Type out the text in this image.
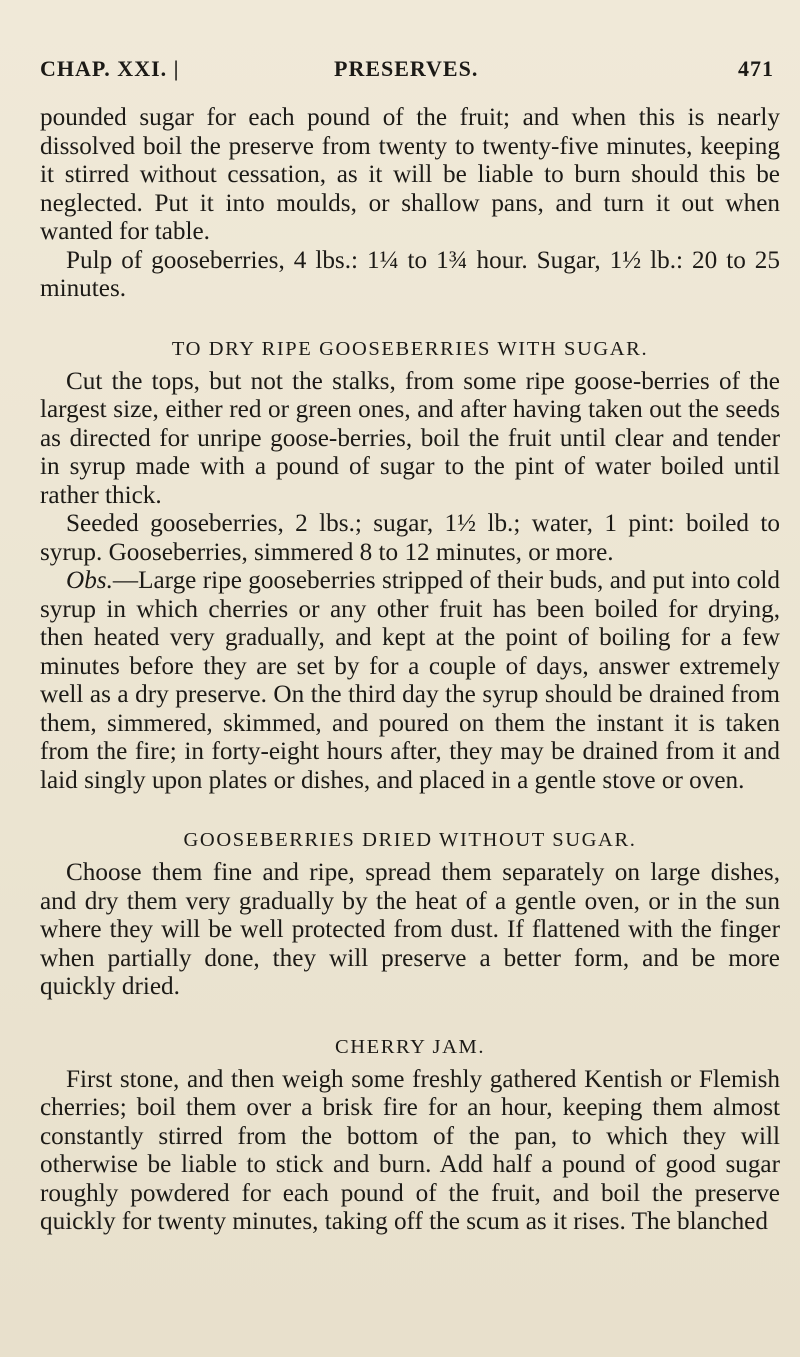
CHAP. XXI. |	PRESERVES.	471

pounded sugar for each pound of the fruit; and when this is nearly dissolved boil the preserve from twenty to twenty-five minutes, keeping it stirred without cessation, as it will be liable to burn should this be neglected. Put it into moulds, or shallow pans, and turn it out when wanted for table.

Pulp of gooseberries, 4 lbs.: 1¼ to 1¾ hour. Sugar, 1½ lb.: 20 to 25 minutes.

TO DRY RIPE GOOSEBERRIES WITH SUGAR.

Cut the tops, but not the stalks, from some ripe goose-berries of the largest size, either red or green ones, and after having taken out the seeds as directed for unripe goose-berries, boil the fruit until clear and tender in syrup made with a pound of sugar to the pint of water boiled until rather thick.

Seeded gooseberries, 2 lbs.; sugar, 1½ lb.; water, 1 pint: boiled to syrup. Gooseberries, simmered 8 to 12 minutes, or more.

Obs.—Large ripe gooseberries stripped of their buds, and put into cold syrup in which cherries or any other fruit has been boiled for drying, then heated very gradually, and kept at the point of boiling for a few minutes before they are set by for a couple of days, answer extremely well as a dry preserve. On the third day the syrup should be drained from them, simmered, skimmed, and poured on them the instant it is taken from the fire; in forty-eight hours after, they may be drained from it and laid singly upon plates or dishes, and placed in a gentle stove or oven.

GOOSEBERRIES DRIED WITHOUT SUGAR.

Choose them fine and ripe, spread them separately on large dishes, and dry them very gradually by the heat of a gentle oven, or in the sun where they will be well protected from dust. If flattened with the finger when partially done, they will preserve a better form, and be more quickly dried.

CHERRY JAM.

First stone, and then weigh some freshly gathered Kentish or Flemish cherries; boil them over a brisk fire for an hour, keeping them almost constantly stirred from the bottom of the pan, to which they will otherwise be liable to stick and burn. Add half a pound of good sugar roughly powdered for each pound of the fruit, and boil the preserve quickly for twenty minutes, taking off the scum as it rises. The blanched
